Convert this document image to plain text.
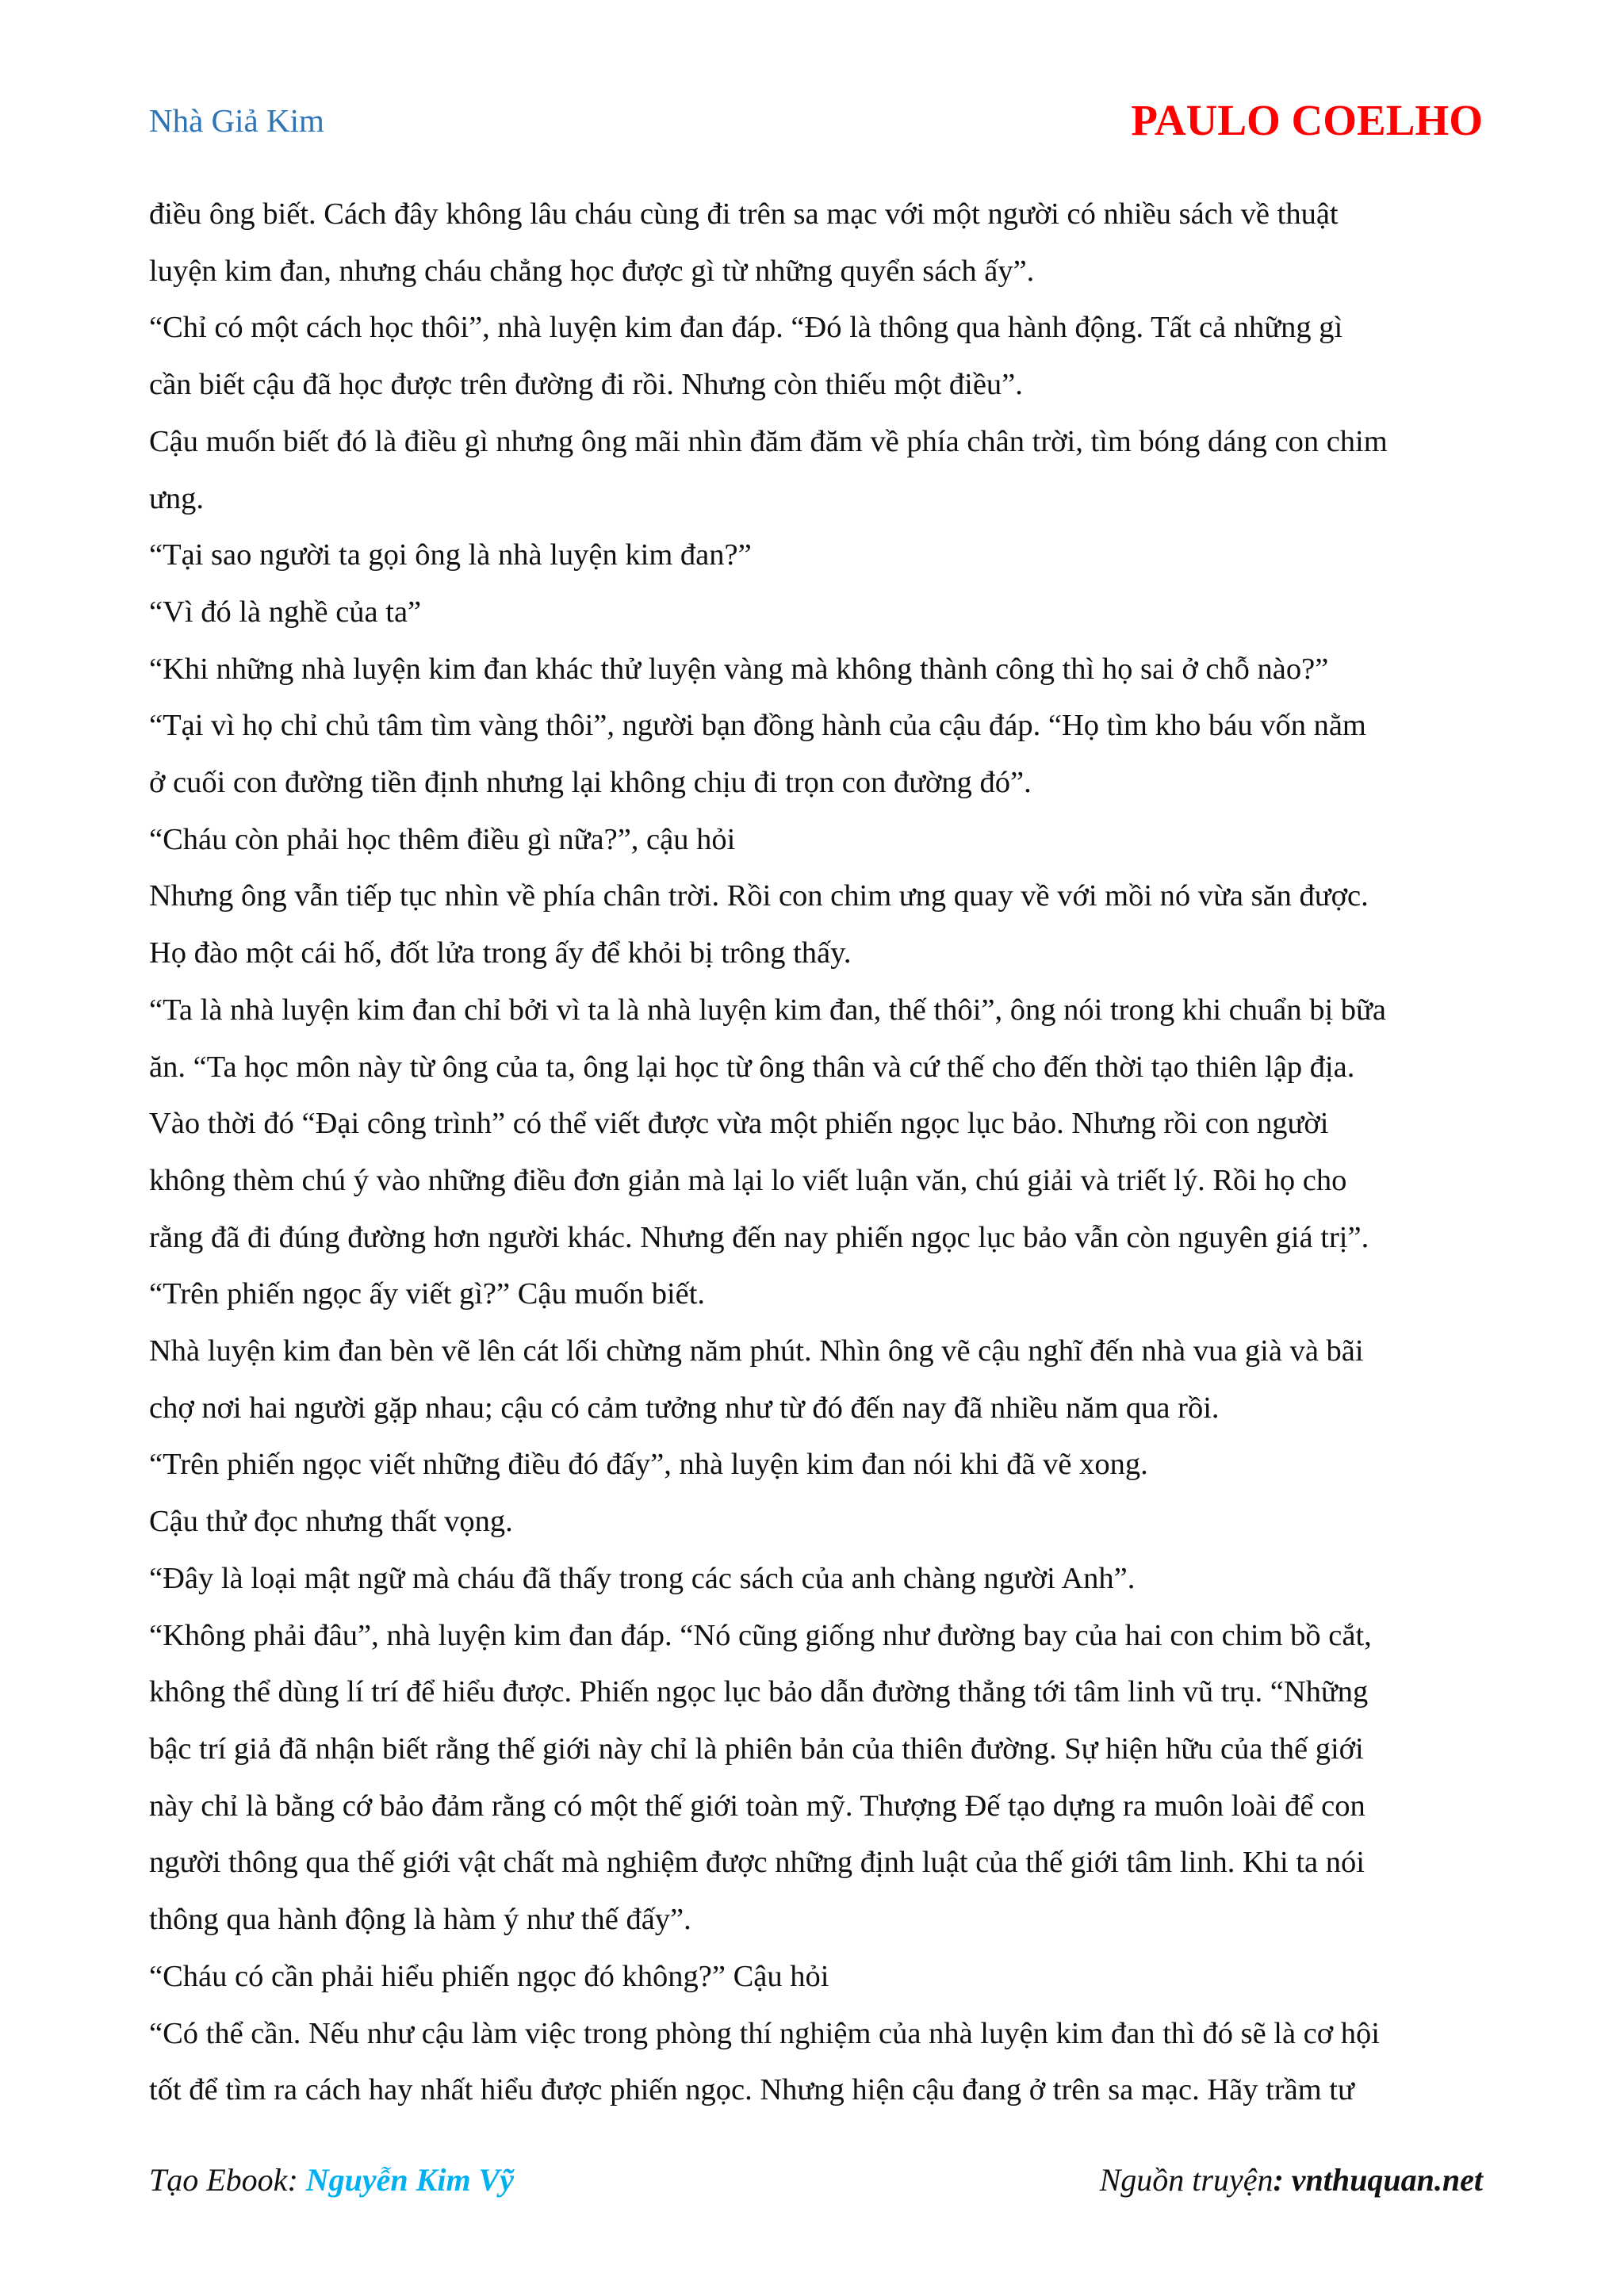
Nhà Giả Kim	PAULO COELHO

điều ông biết. Cách đây không lâu cháu cùng đi trên sa mạc với một người có nhiều sách về thuật

luyện kim đan, nhưng cháu chẳng học được gì từ những quyển sách ấy”.

“Chỉ có một cách học thôi”, nhà luyện kim đan đáp. “Đó là thông qua hành động. Tất cả những gì

cần biết cậu đã học được trên đường đi rồi. Nhưng còn thiếu một điều”.

Cậu muốn biết đó là điều gì nhưng ông mãi nhìn đăm đăm về phía chân trời, tìm bóng dáng con chim

ưng.

“Tại sao người ta gọi ông là nhà luyện kim đan?”

“Vì đó là nghề của ta”

“Khi những nhà luyện kim đan khác thử luyện vàng mà không thành công thì họ sai ở chỗ nào?”

“Tại vì họ chỉ chủ tâm tìm vàng thôi”, người bạn đồng hành của cậu đáp. “Họ tìm kho báu vốn nằm

ở cuối con đường tiền định nhưng lại không chịu đi trọn con đường đó”.

“Cháu còn phải học thêm điều gì nữa?”, cậu hỏi

Nhưng ông vẫn tiếp tục nhìn về phía chân trời. Rồi con chim ưng quay về với mồi nó vừa săn được.

Họ đào một cái hố, đốt lửa trong ấy để khỏi bị trông thấy.

“Ta là nhà luyện kim đan chỉ bởi vì ta là nhà luyện kim đan, thế thôi”, ông nói trong khi chuẩn bị bữa

ăn. “Ta học môn này từ ông của ta, ông lại học từ ông thân và cứ thế cho đến thời tạo thiên lập địa.

Vào thời đó “Đại công trình” có thể viết được vừa một phiến ngọc lục bảo. Nhưng rồi con người

không thèm chú ý vào những điều đơn giản mà lại lo viết luận văn, chú giải và triết lý. Rồi họ cho

rằng đã đi đúng đường hơn người khác. Nhưng đến nay phiến ngọc lục bảo vẫn còn nguyên giá trị”.

“Trên phiến ngọc ấy viết gì?” Cậu muốn biết.

Nhà luyện kim đan bèn vẽ lên cát lối chừng năm phút. Nhìn ông vẽ cậu nghĩ đến nhà vua già và bãi

chợ nơi hai người gặp nhau; cậu có cảm tưởng như từ đó đến nay đã nhiều năm qua rồi.

“Trên phiến ngọc viết những điều đó đấy”, nhà luyện kim đan nói khi đã vẽ xong.

Cậu thử đọc nhưng thất vọng.

“Đây là loại mật ngữ mà cháu đã thấy trong các sách của anh chàng người Anh”.

“Không phải đâu”, nhà luyện kim đan đáp. “Nó cũng giống như đường bay của hai con chim bồ cắt,

không thể dùng lí trí để hiểu được. Phiến ngọc lục bảo dẫn đường thẳng tới tâm linh vũ trụ. “Những

bậc trí giả đã nhận biết rằng thế giới này chỉ là phiên bản của thiên đường. Sự hiện hữu của thế giới

này chỉ là bằng cớ bảo đảm rằng có một thế giới toàn mỹ. Thượng Đế tạo dựng ra muôn loài để con

người thông qua thế giới vật chất mà nghiệm được những định luật của thế giới tâm linh. Khi ta nói

thông qua hành động là hàm ý như thế đấy”.

“Cháu có cần phải hiểu phiến ngọc đó không?” Cậu hỏi

“Có thể cần. Nếu như cậu làm việc trong phòng thí nghiệm của nhà luyện kim đan thì đó sẽ là cơ hội

tốt để tìm ra cách hay nhất hiểu được phiến ngọc. Nhưng hiện cậu đang ở trên sa mạc. Hãy trầm tư

Tạo Ebook: Nguyễn Kim Vỹ	Nguồn truyện: vnthuquan.net
